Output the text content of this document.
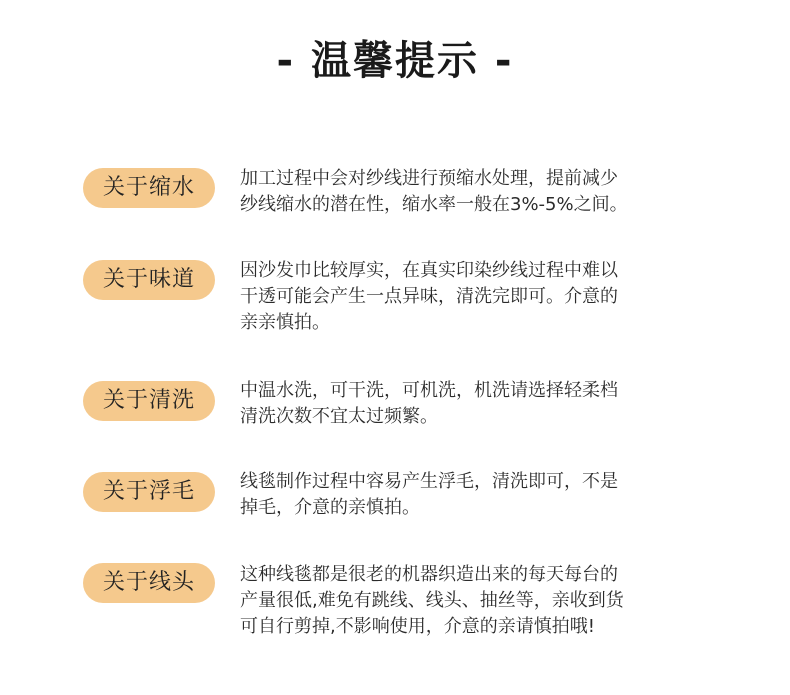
- 温馨提示 -
关于缩水	加工过程中会对纱线进行预缩水处理，提前减少
纱线缩水的潜在性，缩水率一般在3%-5%之间。
关于味道	因沙发巾比较厚实，在真实印染纱线过程中难以
干透可能会产生一点异味，清洗完即可。介意的
亲亲慎拍。
关于清洗	中温水洗，可干洗，可机洗，机洗请选择轻柔档
清洗次数不宜太过频繁。
关于浮毛	线毯制作过程中容易产生浮毛，清洗即可，不是
掉毛，介意的亲慎拍。
关于线头	这种线毯都是很老的机器织造出来的每天每台的
产量很低,难免有跳线、线头、抽丝等，亲收到货
可自行剪掉,不影响使用，介意的亲请慎拍哦!
